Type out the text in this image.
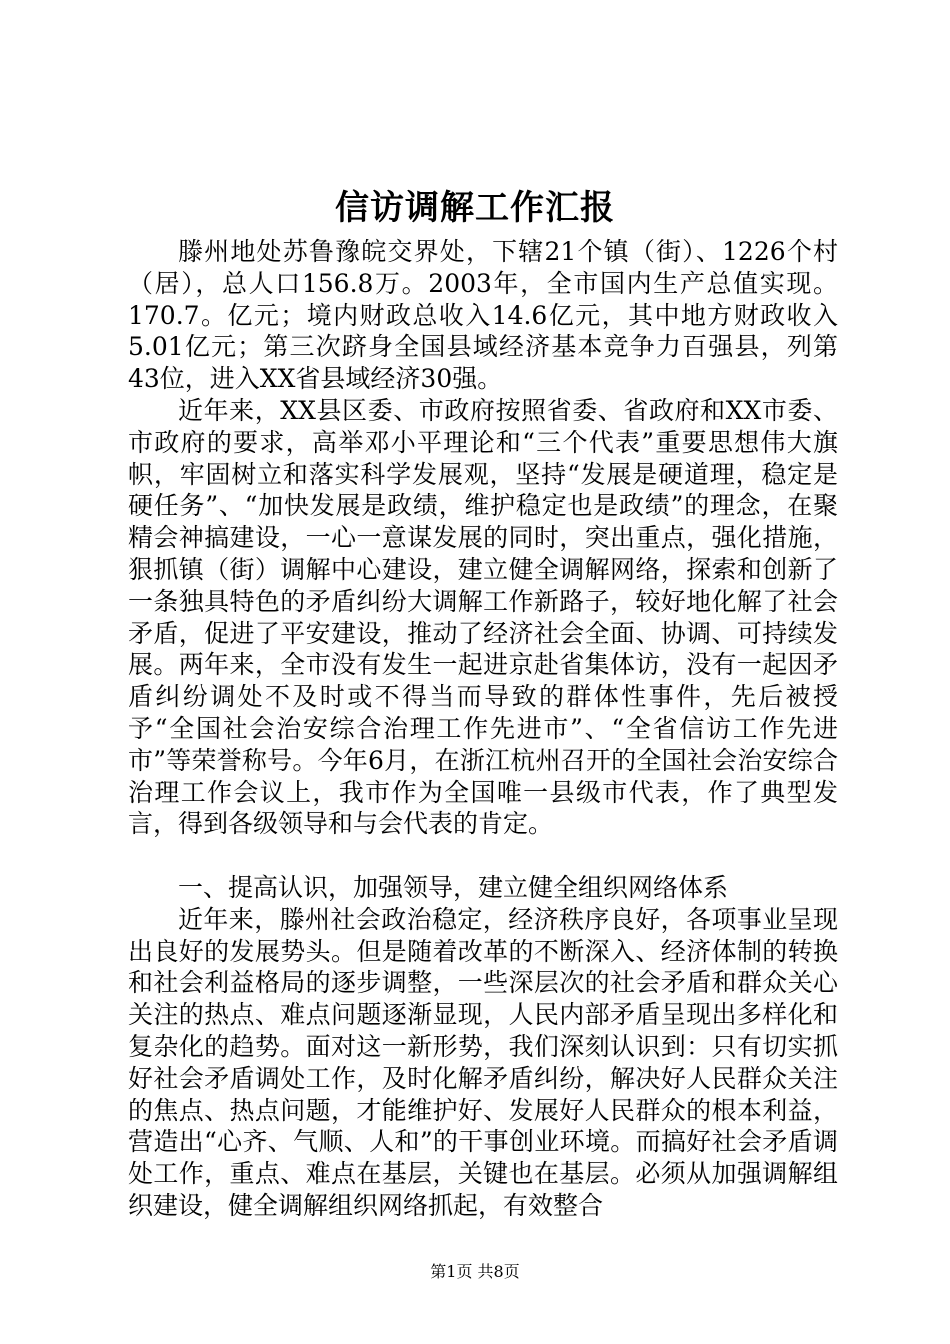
信访调解工作汇报

滕州地处苏鲁豫皖交界处，下辖21个镇（街）、1226个村（居），总人口156.8万。2003年，全市国内生产总值实现。170.7。亿元；境内财政总收入14.6亿元，其中地方财政收入5.01亿元；第三次跻身全国县域经济基本竞争力百强县，列第43位，进入XX省县域经济30强。

近年来，XX县区委、市政府按照省委、省政府和XX市委、市政府的要求，高举邓小平理论和“三个代表”重要思想伟大旗帜，牢固树立和落实科学发展观，坚持“发展是硬道理，稳定是硬任务”、“加快发展是政绩，维护稳定也是政绩”的理念，在聚精会神搞建设，一心一意谋发展的同时，突出重点，强化措施，狠抓镇（街）调解中心建设，建立健全调解网络，探索和创新了一条独具特色的矛盾纠纷大调解工作新路子，较好地化解了社会矛盾，促进了平安建设，推动了经济社会全面、协调、可持续发展。两年来，全市没有发生一起进京赴省集体访，没有一起因矛盾纠纷调处不及时或不得当而导致的群体性事件，先后被授予“全国社会治安综合治理工作先进市”、“全省信访工作先进市”等荣誉称号。今年6月，在浙江杭州召开的全国社会治安综合治理工作会议上，我市作为全国唯一县级市代表，作了典型发言，得到各级领导和与会代表的肯定。

一、提高认识，加强领导，建立健全组织网络体系

近年来，滕州社会政治稳定，经济秩序良好，各项事业呈现出良好的发展势头。但是随着改革的不断深入、经济体制的转换和社会利益格局的逐步调整，一些深层次的社会矛盾和群众关心关注的热点、难点问题逐渐显现，人民内部矛盾呈现出多样化和复杂化的趋势。面对这一新形势，我们深刻认识到：只有切实抓好社会矛盾调处工作，及时化解矛盾纠纷，解决好人民群众关注的焦点、热点问题，才能维护好、发展好人民群众的根本利益，营造出“心齐、气顺、人和”的干事创业环境。而搞好社会矛盾调处工作，重点、难点在基层，关键也在基层。必须从加强调解组织建设，健全调解组织网络抓起，有效整合

第1页 共8页
